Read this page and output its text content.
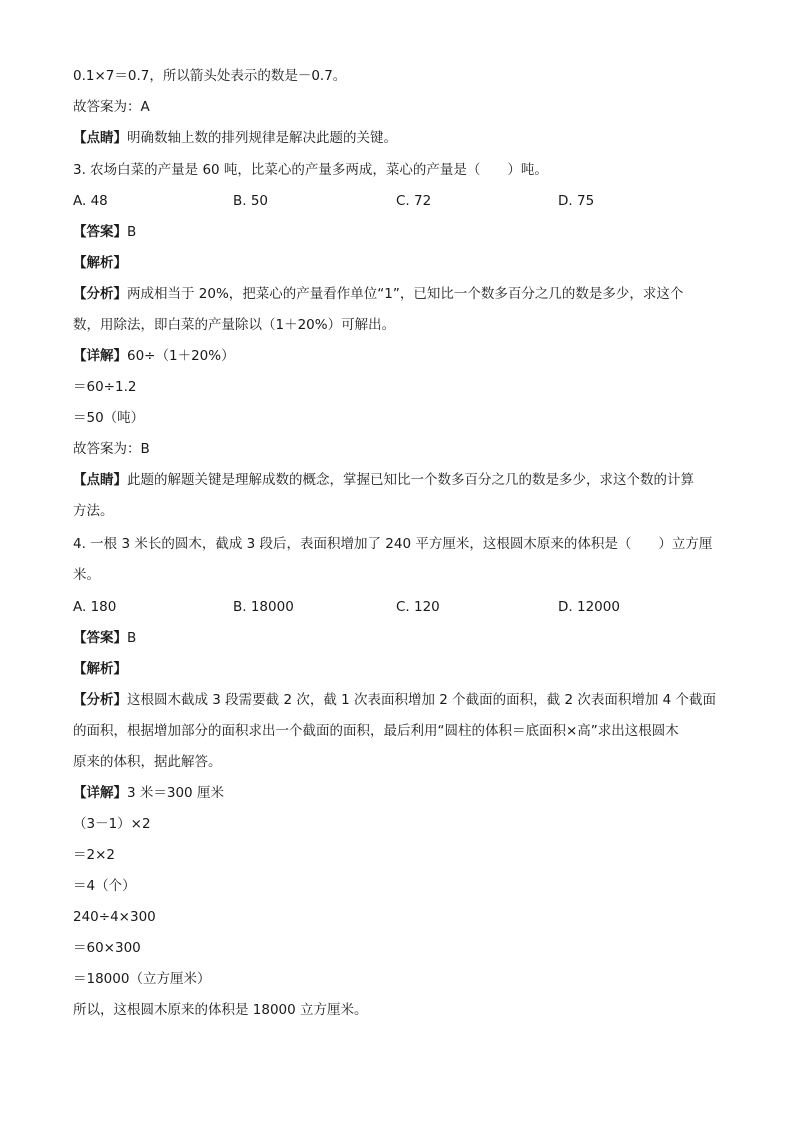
0.1×7＝0.7，所以箭头处表示的数是－0.7。
故答案为：A
【点睛】明确数轴上数的排列规律是解决此题的关键。
3. 农场白菜的产量是 60 吨，比菜心的产量多两成，菜心的产量是（　　）吨。
A. 48	B. 50	C. 72	D. 75
【答案】B
【解析】
【分析】两成相当于 20%，把菜心的产量看作单位“1”，已知比一个数多百分之几的数是多少，求这个
数，用除法，即白菜的产量除以（1＋20%）可解出。
【详解】60÷（1＋20%）
＝60÷1.2
＝50（吨）
故答案为：B
【点睛】此题的解题关键是理解成数的概念，掌握已知比一个数多百分之几的数是多少，求这个数的计算
方法。
4. 一根 3 米长的圆木，截成 3 段后，表面积增加了 240 平方厘米，这根圆木原来的体积是（　　）立方厘
米。
A. 180	B. 18000	C. 120	D. 12000
【答案】B
【解析】
【分析】这根圆木截成 3 段需要截 2 次，截 1 次表面积增加 2 个截面的面积，截 2 次表面积增加 4 个截面
的面积，根据增加部分的面积求出一个截面的面积，最后利用“圆柱的体积＝底面积×高”求出这根圆木
原来的体积，据此解答。
【详解】3 米＝300 厘米
（3－1）×2
＝2×2
＝4（个）
240÷4×300
＝60×300
＝18000（立方厘米）
所以，这根圆木原来的体积是 18000 立方厘米。
